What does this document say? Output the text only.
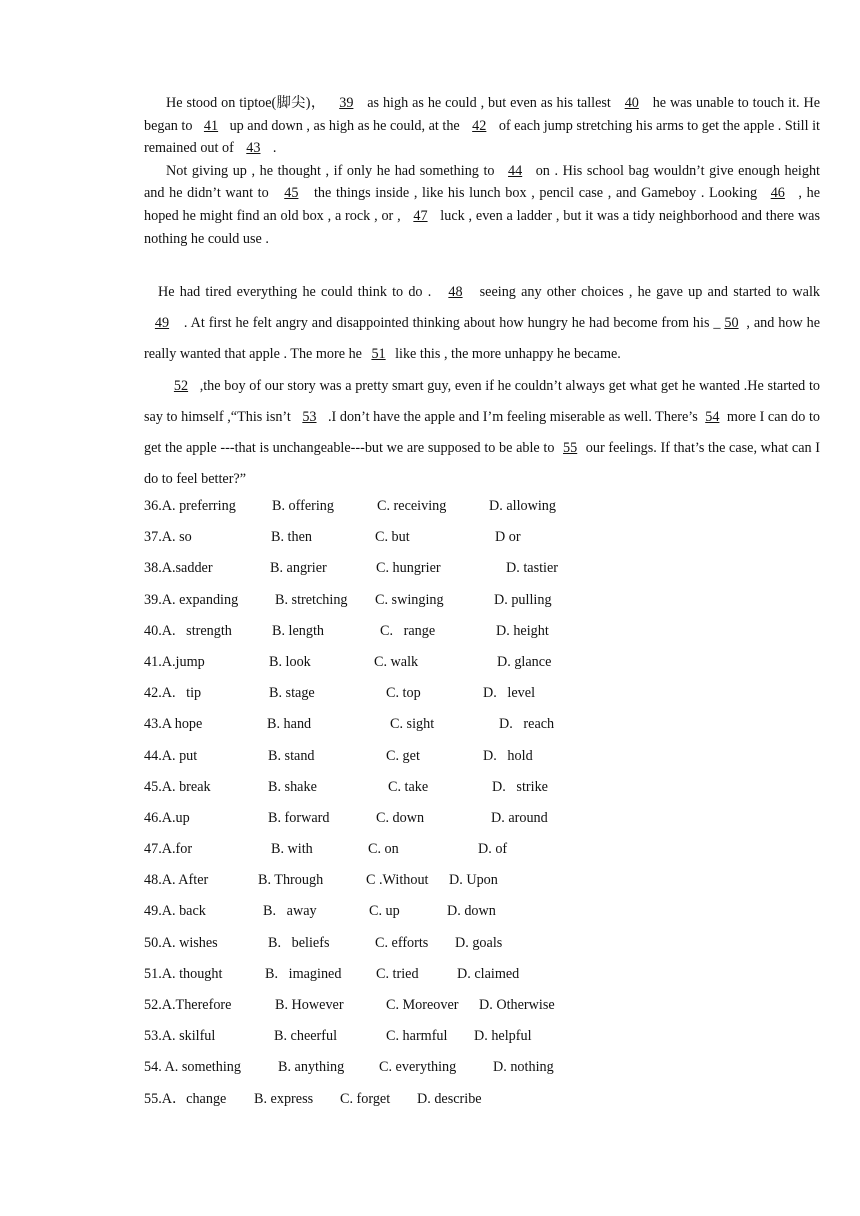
He stood on tiptoe(脚尖)， 39 as high as he could , but even as his tallest 40 he was unable to touch it. He began to 41 up and down , as high as he could, at the 42 of each jump stretching his arms to get the apple . Still it remained out of 43 .

Not giving up , he thought , if only he had something to 44 on . His school bag wouldn’t give enough height and he didn’t want to 45 the things inside , like his lunch box , pencil case , and Gameboy . Looking 46 , he hoped he might find an old box , a rock , or , 47 luck , even a ladder , but it was a tidy neighborhood and there was nothing he could use .

He had tired everything he could think to do . 48 seeing any other choices , he gave up and started to walk 49 . At first he felt angry and disappointed thinking about how hungry he had become from his _ 50 , and how he really wanted that apple . The more he 51 like this , the more unhappy he became.

52 ,the boy of our story was a pretty smart guy, even if he couldn’t always get what get he wanted .He started to say to himself ,“This isn’t 53 .I don’t have the apple and I’m feeling miserable as well. There’s 54 more I can do to get the apple ---that is unchangeable---but we are supposed to be able to 55 our feelings. If that’s the case, what can I do to feel better?”

36.A. preferring	B. offering	C. receiving	D. allowing
37.A. so	B. then	C. but	D or
38.A.sadder	B. angrier	C. hungrier	D. tastier
39.A. expanding	B. stretching C. swinging	D. pulling
40.A.   strength	B. length	C.   range	D. height
41.A.jump	B. look	C. walk	D. glance
42.A.   tip	B. stage	C. top	D.   level
43.A hope	B. hand	C. sight	D.   reach
44.A. put	B. stand	C. get	D.   hold
45.A. break	B. shake	C. take	D.   strike
46.A.up	B. forward	C. down	D. around
47.A.for	B. with	C. on	D. of
48.A. After	B. Through	C .Without D. Upon
49.A. back	B.   away	C. up	D. down
50.A. wishes	B.   beliefs	C. efforts D. goals
51.A. thought	B.   imagined C. tried	D. claimed
52.A.Therefore	B. However	C. Moreover D. Otherwise
53.A. skilful	B. cheerful	C. harmful D. helpful
54. A. something	B. anything C. everything	D. nothing
55.A．change B. express C. forget D. describe
